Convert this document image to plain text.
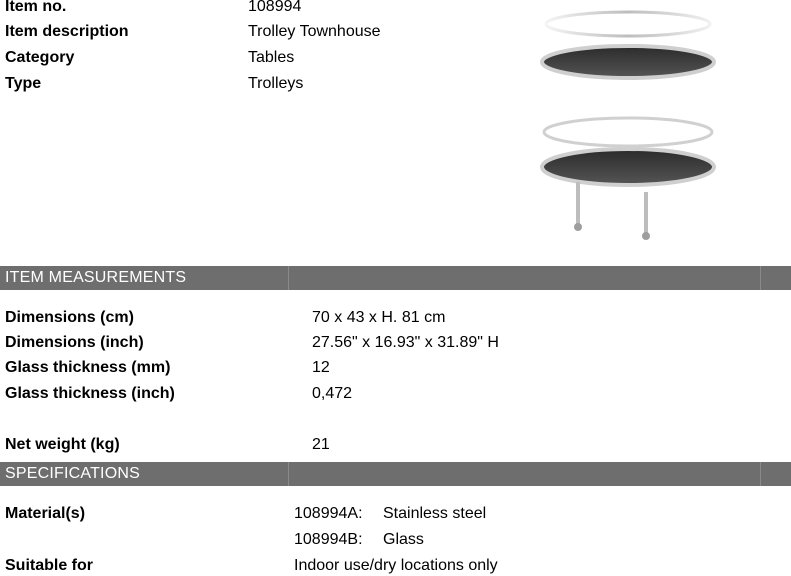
Item no.	108994
Item description	Trolley Townhouse
Category	Tables
Type	Trolleys
ITEM MEASUREMENTS
Dimensions (cm)	70 x 43 x H. 81 cm
Dimensions (inch)	27.56" x 16.93" x 31.89" H
Glass thickness (mm)	12
Glass thickness (inch)	0,472
Net weight (kg)	21
SPECIFICATIONS
Material(s)	108994A: Stainless steel
108994B: Glass
Suitable for	Indoor use/dry locations only
